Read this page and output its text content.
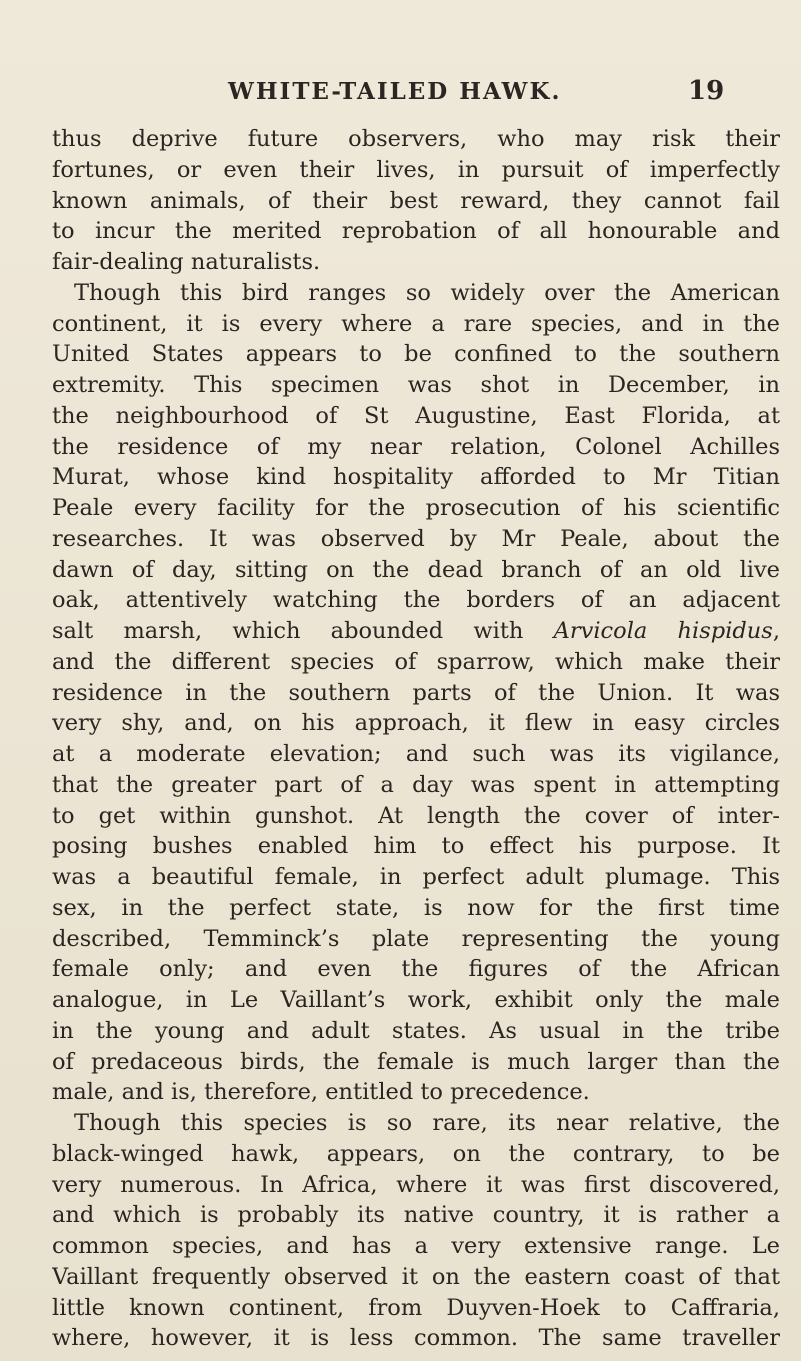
WHITE-TAILED HAWK.	19
thus deprive future observers, who may risk their
fortunes, or even their lives, in pursuit of imperfectly
known animals, of their best reward, they cannot fail
to incur the merited reprobation of all honourable and
fair-dealing naturalists.
Though this bird ranges so widely over the American
continent, it is every where a rare species, and in the
United States appears to be confined to the southern
extremity. This specimen was shot in December, in
the neighbourhood of St Augustine, East Florida, at
the residence of my near relation, Colonel Achilles
Murat, whose kind hospitality afforded to Mr Titian
Peale every facility for the prosecution of his scientific
researches. It was observed by Mr Peale, about the
dawn of day, sitting on the dead branch of an old live
oak, attentively watching the borders of an adjacent
salt marsh, which abounded with Arvicola hispidus,
and the different species of sparrow, which make their
residence in the southern parts of the Union. It was
very shy, and, on his approach, it flew in easy circles
at a moderate elevation; and such was its vigilance,
that the greater part of a day was spent in attempting
to get within gunshot. At length the cover of inter-
posing bushes enabled him to effect his purpose. It
was a beautiful female, in perfect adult plumage. This
sex, in the perfect state, is now for the first time
described, Temminck’s plate representing the young
female only; and even the figures of the African
analogue, in Le Vaillant’s work, exhibit only the male
in the young and adult states. As usual in the tribe
of predaceous birds, the female is much larger than the
male, and is, therefore, entitled to precedence.
Though this species is so rare, its near relative, the
black-winged hawk, appears, on the contrary, to be
very numerous. In Africa, where it was first discovered,
and which is probably its native country, it is rather a
common species, and has a very extensive range. Le
Vaillant frequently observed it on the eastern coast of that
little known continent, from Duyven-Hoek to Caffraria,
where, however, it is less common. The same traveller
